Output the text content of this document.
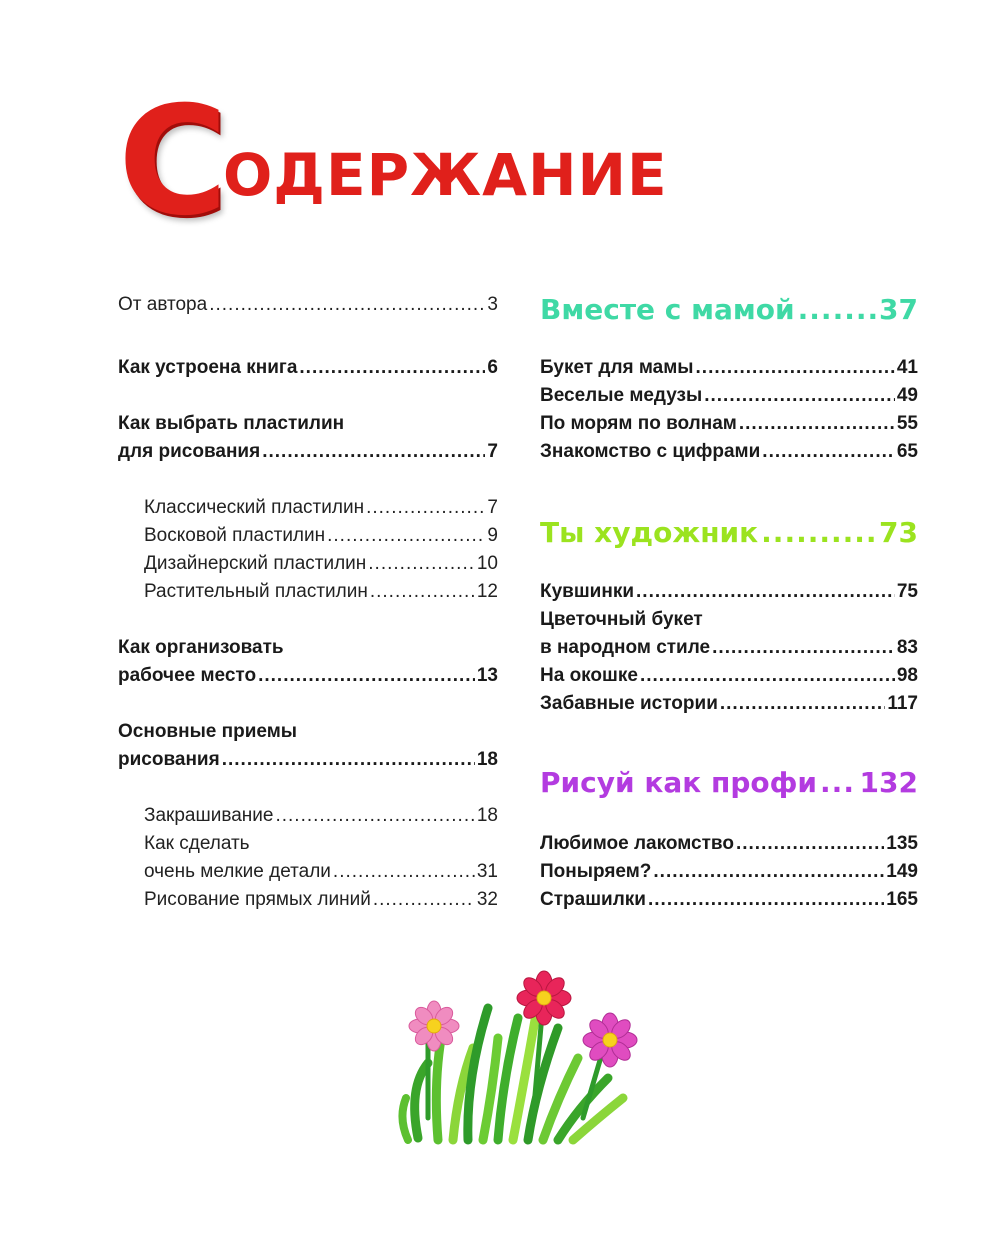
С
ОДЕРЖАНИЕ
От автора .....	3
Как устроена книга .....	6
Как выбрать пластилин
для рисования .....	7
Классический пластилин .....	7
Восковой пластилин .....	9
Дизайнерский пластилин .....	10
Растительный пластилин .....	12
Как организовать
рабочее место .....	13
Основные приемы
рисования .....	18
Закрашивание .....	18
Как сделать
очень мелкие детали .....	31
Рисование прямых линий .....	32
Вместе с мамой .....	37
Букет для мамы .....	41
Веселые медузы .....	49
По морям по волнам .....	55
Знакомство с цифрами .....	65
Ты художник .....	73
Кувшинки .....	75
Цветочный букет
в народном стиле .....	83
На окошке .....	98
Забавные истории .....	117
Рисуй как профи ..... 132
Любимое лакомство .....	135
Поныряем? .....	149
Страшилки .....	165
